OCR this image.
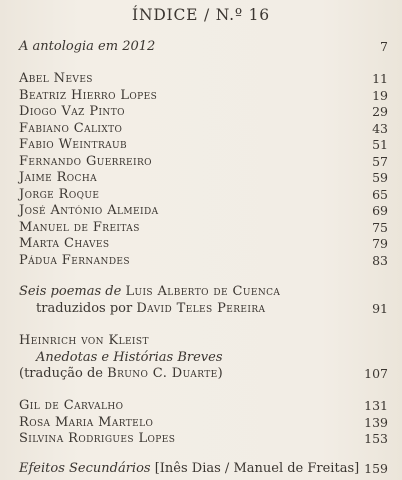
ÍNDICE / N.º 16
A antologia em 2012	7
Abel Neves	11
Beatriz Hierro Lopes	19
Diogo Vaz Pinto	29
Fabiano Calixto	43
Fabio Weintraub	51
Fernando Guerreiro	57
Jaime Rocha	59
Jorge Roque	65
José António Almeida	69
Manuel de Freitas	75
Marta Chaves	79
Pádua Fernandes	83
Seis poemas de Luis Alberto de Cuenca
traduzidos por David Teles Pereira	91
Heinrich von Kleist
Anedotas e Histórias Breves
(tradução de Bruno C. Duarte)	107
Gil de Carvalho	131
Rosa Maria Martelo	139
Silvina Rodrigues Lopes	153
Efeitos Secundários [Inês Dias / Manuel de Freitas] 159
